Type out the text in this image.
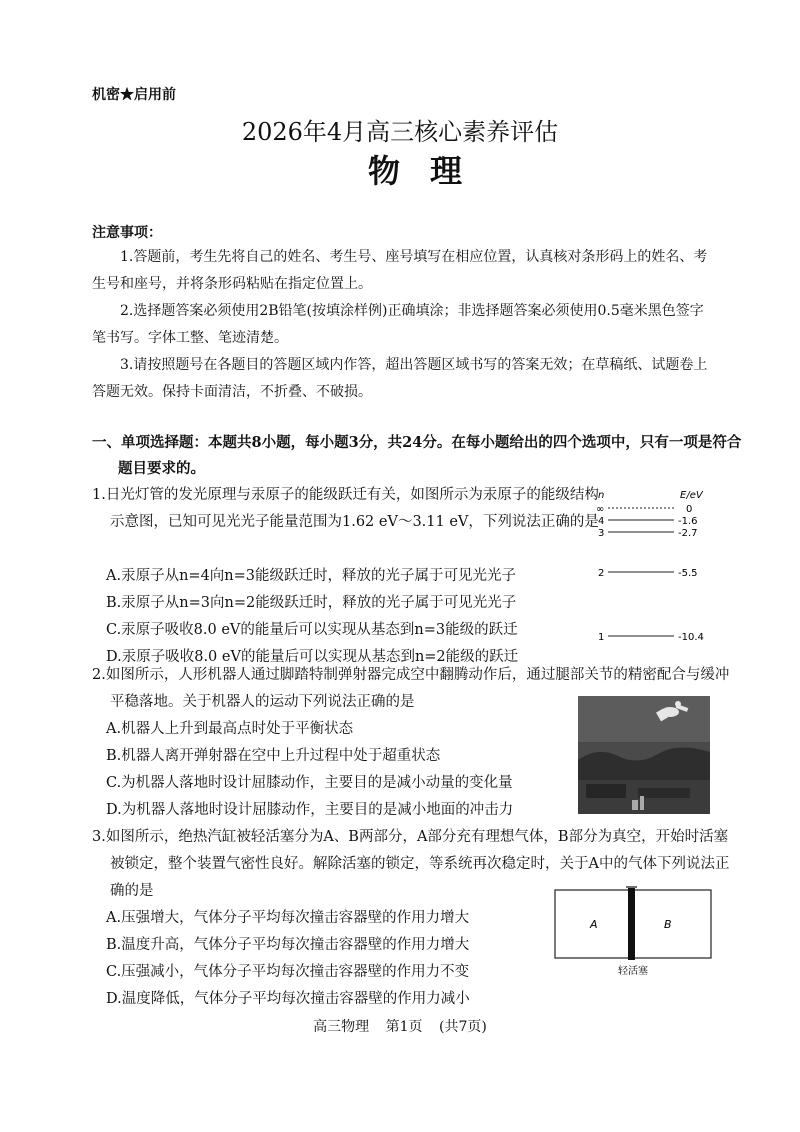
机密★启用前
2026年4月高三核心素养评估
物理
注意事项：
1.答题前，考生先将自己的姓名、考生号、座号填写在相应位置，认真核对条形码上的姓名、考生号和座号，并将条形码粘贴在指定位置上。
2.选择题答案必须使用2B铅笔(按填涂样例)正确填涂；非选择题答案必须使用0.5毫米黑色签字笔书写。字体工整、笔迹清楚。
3.请按照题号在各题目的答题区域内作答，超出答题区域书写的答案无效；在草稿纸、试题卷上答题无效。保持卡面清洁，不折叠、不破损。
一、单项选择题：本题共8小题，每小题3分，共24分。在每小题给出的四个选项中，只有一项是符合题目要求的。
1.日光灯管的发光原理与汞原子的能级跃迁有关，如图所示为汞原子的能级结构示意图，已知可见光光子能量范围为1.62 eV～3.11 eV，下列说法正确的是
A.汞原子从n=4向n=3能级跃迁时，释放的光子属于可见光光子
B.汞原子从n=3向n=2能级跃迁时，释放的光子属于可见光光子
C.汞原子吸收8.0 eV的能量后可以实现从基态到n=3能级的跃迁
D.汞原子吸收8.0 eV的能量后可以实现从基态到n=2能级的跃迁
n	E/eV
∞	0
4	-1.6
3	-2.7
2	-5.5
1	-10.4
2.如图所示，人形机器人通过脚踏特制弹射器完成空中翻腾动作后，通过腿部关节的精密配合与缓冲平稳落地。关于机器人的运动下列说法正确的是
A.机器人上升到最高点时处于平衡状态
B.机器人离开弹射器在空中上升过程中处于超重状态
C.为机器人落地时设计屈膝动作，主要目的是减小动量的变化量
D.为机器人落地时设计屈膝动作，主要目的是减小地面的冲击力
3.如图所示，绝热汽缸被轻活塞分为A、B两部分，A部分充有理想气体，B部分为真空，开始时活塞被锁定，整个装置气密性良好。解除活塞的锁定，等系统再次稳定时，关于A中的气体下列说法正确的是
A.压强增大，气体分子平均每次撞击容器壁的作用力增大
B.温度升高，气体分子平均每次撞击容器壁的作用力增大
C.压强减小，气体分子平均每次撞击容器壁的作用力不变
D.温度降低，气体分子平均每次撞击容器壁的作用力减小
A	B
轻活塞
高三物理 第1页 (共7页)
